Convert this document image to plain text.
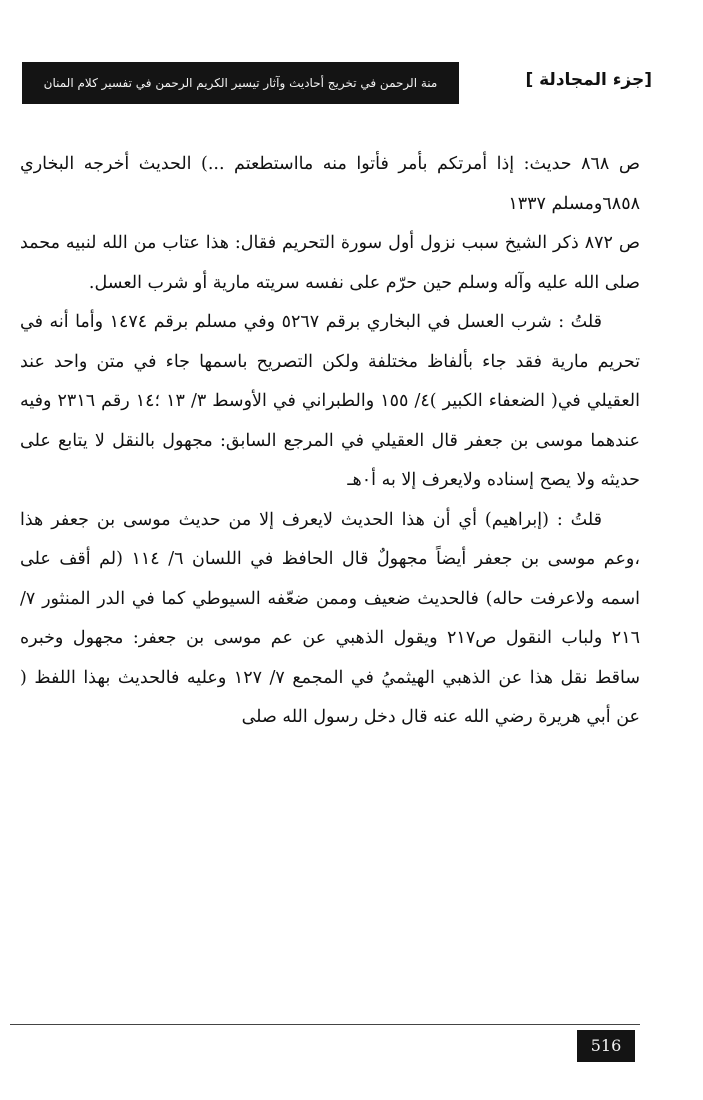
[جزء المجادلة ]
منة الرحمن في تخريج أحاديث وآثار تيسير الكريم الرحمن في تفسير كلام المنان

ص ٨٦٨ حديث: إذا أمرتكم بأمر فأتوا منه مااستطعتم ...) الحديث أخرجه البخاري ٦٨٥٨ومسلم ١٣٣٧

ص ٨٧٢ ذكر الشيخ سبب نزول أول سورة التحريم فقال: هذا عتاب من الله لنبيه محمد صلى الله عليه وآله وسلم حين حرّم على نفسه سريته مارية أو شرب العسل.

قلتُ : شرب العسل في البخاري برقم ٥٢٦٧ وفي مسلم برقم ١٤٧٤ وأما أنه في تحريم مارية فقد جاء بألفاظ مختلفة ولكن التصريح باسمها جاء في متن واحد عند العقيلي في( الضعفاء الكبير )٤/ ١٥٥ والطبراني في الأوسط ٣/ ١٣ ؛١٤ رقم ٢٣١٦ وفيه عندهما موسى بن جعفر قال العقيلي في المرجع السابق: مجهول بالنقل لا يتابع على حديثه ولا يصح إسناده ولايعرف إلا به أ٠هـ

قلتُ : (إبراهيم) أي أن هذا الحديث لايعرف إلا من حديث موسى بن جعفر هذا ،وعم موسى بن جعفر أيضاً مجهولٌ قال الحافظ في اللسان ٦/ ١١٤ (لم أقف على اسمه ولاعرفت حاله) فالحديث ضعيف وممن ضعّفه السيوطي كما في الدر المنثور ٧/ ٢١٦ ولباب النقول ص٢١٧ ويقول الذهبي عن عم موسى بن جعفر: مجهول وخبره ساقط نقل هذا عن الذهبي الهيثميُ في المجمع ٧/ ١٢٧ وعليه فالحديث بهذا اللفظ ( عن أبي هريرة رضي الله عنه قال دخل رسول الله صلى

516
